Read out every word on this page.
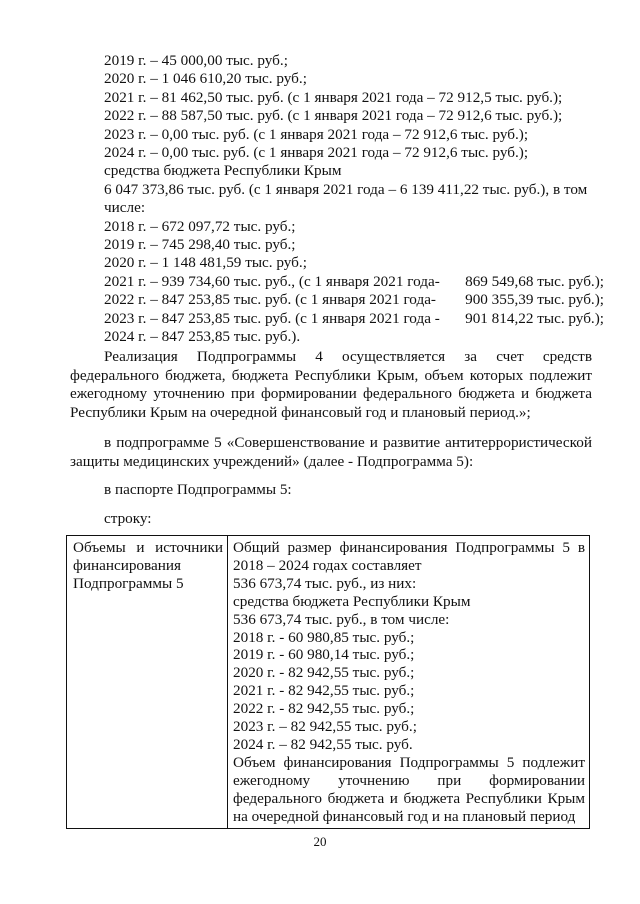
2019 г. – 45 000,00 тыс. руб.;
2020 г. – 1 046 610,20 тыс. руб.;
2021 г. – 81 462,50 тыс. руб. (с 1 января 2021 года – 72 912,5 тыс. руб.);
2022 г. – 88 587,50 тыс. руб. (с 1 января 2021 года – 72 912,6 тыс. руб.);
2023 г. – 0,00 тыс. руб. (с 1 января 2021 года – 72 912,6 тыс. руб.);
2024 г. – 0,00 тыс. руб. (с 1 января 2021 года – 72 912,6 тыс. руб.);
средства бюджета Республики Крым
6 047 373,86 тыс. руб. (с 1 января 2021 года – 6 139 411,22 тыс. руб.), в том числе:
2018 г. – 672 097,72 тыс. руб.;
2019 г. – 745 298,40 тыс. руб.;
2020 г. – 1 148 481,59 тыс. руб.;
2021 г. – 939 734,60 тыс. руб., (с 1 января 2021 года-	869 549,68 тыс. руб.);
2022 г. – 847 253,85 тыс. руб. (с 1 января 2021 года-	900 355,39 тыс. руб.);
2023 г. – 847 253,85 тыс. руб. (с 1 января 2021 года -	901 814,22 тыс. руб.);
2024 г. – 847 253,85 тыс. руб.).
Реализация Подпрограммы 4 осуществляется за счет средств федерального бюджета, бюджета Республики Крым, объем которых подлежит ежегодному уточнению при формировании федерального бюджета и бюджета Республики Крым на очередной финансовый год и плановый период.»;
в подпрограмме 5 «Совершенствование и развитие антитеррористической защиты медицинских учреждений» (далее - Подпрограмма 5):
в паспорте Подпрограммы 5:
строку:
Объемы и источники финансирования Подпрограммы 5
Общий размер финансирования Подпрограммы 5 в 2018 – 2024 годах составляет
536 673,74 тыс. руб., из них:
средства бюджета Республики Крым
536 673,74 тыс. руб., в том числе:
2018 г. - 60 980,85 тыс. руб.;
2019 г. - 60 980,14 тыс. руб.;
2020 г. - 82 942,55 тыс. руб.;
2021 г. - 82 942,55 тыс. руб.;
2022 г. - 82 942,55 тыс. руб.;
2023 г. – 82 942,55 тыс. руб.;
2024 г. – 82 942,55 тыс. руб.
Объем финансирования Подпрограммы 5 подлежит ежегодному уточнению при формировании федерального бюджета и бюджета Республики Крым на очередной финансовый год и на плановый период
20
